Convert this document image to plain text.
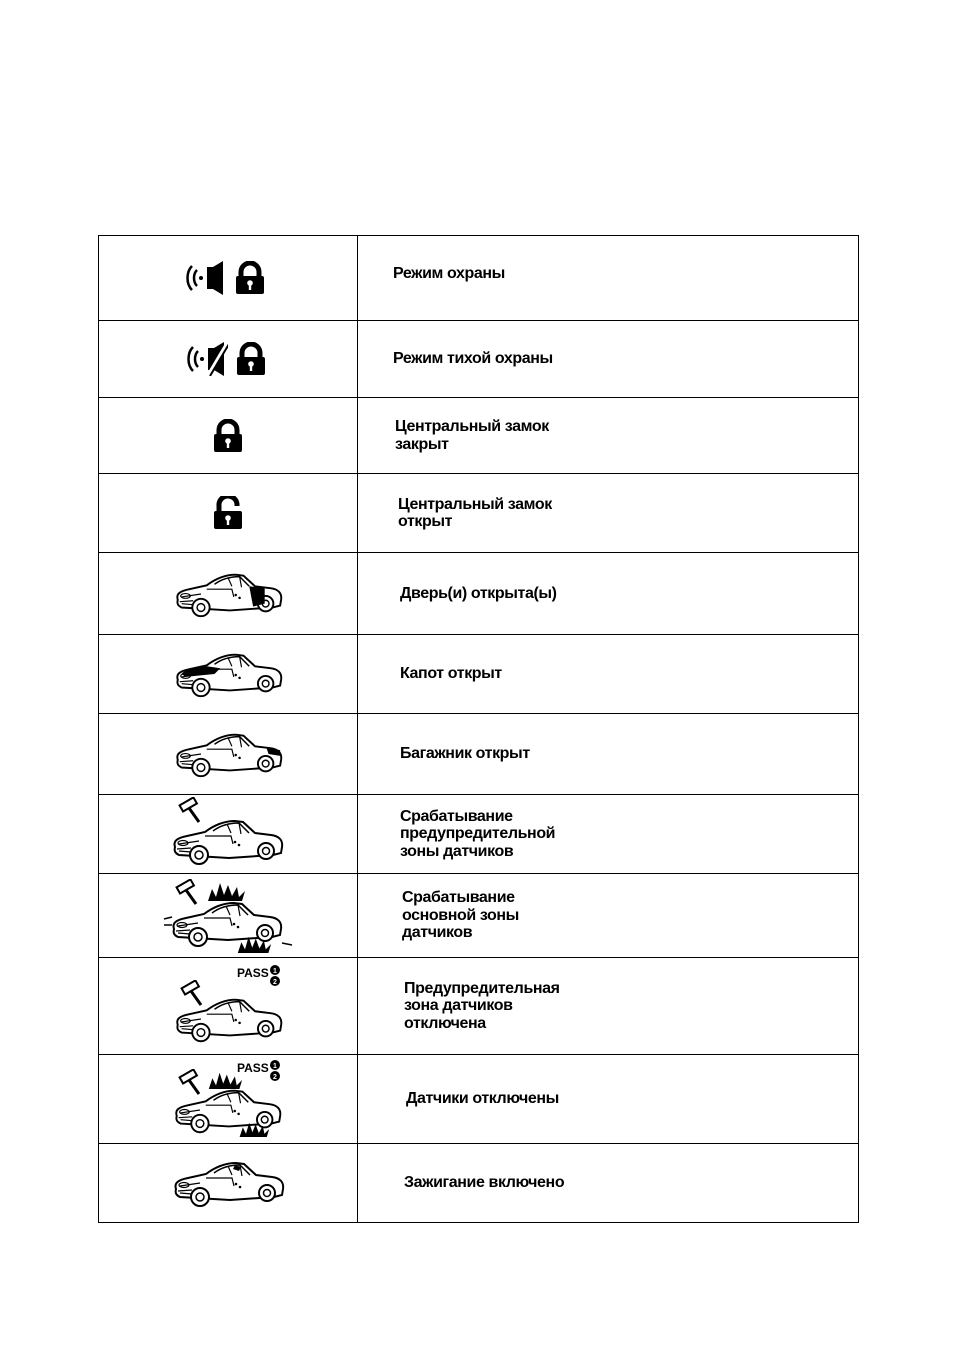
Режим охраны

Режим тихой охраны

Центральный замок
закрыт

Центральный замок
открыт

Дверь(и) открыта(ы)

Капот открыт

Багажник открыт

Срабатывание
предупредительной
зоны датчиков

Срабатывание
основной зоны
датчиков

Предупредительная
зона датчиков
отключена

Датчики отключены

Зажигание включено
